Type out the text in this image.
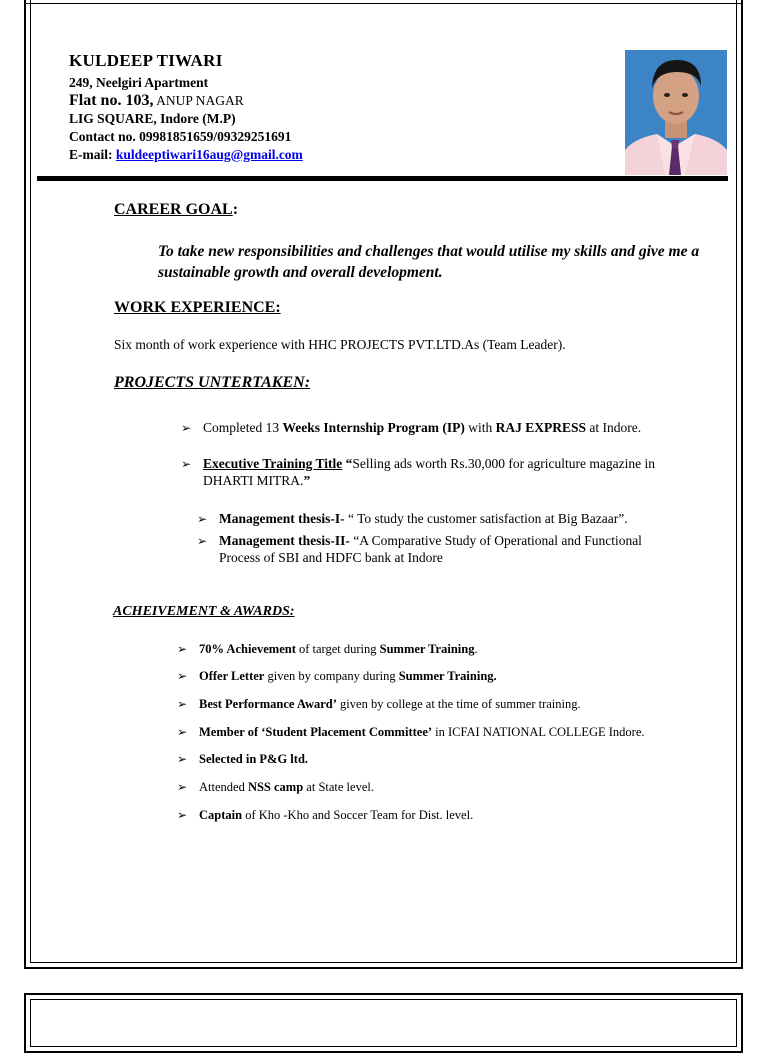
KULDEEP TIWARI
249, Neelgiri Apartment
Flat no. 103, ANUP NAGAR
LIG SQUARE, Indore (M.P)
Contact no. 09981851659/09329251691
E-mail: kuldeeptiwari16aug@gmail.com
CAREER GOAL:
To take new responsibilities and challenges that would utilise my skills and give me a sustainable growth and overall development.
WORK EXPERIENCE:
Six month of work experience with HHC PROJECTS PVT.LTD.As (Team Leader).
PROJECTS UNTERTAKEN:
➢ Completed 13 Weeks Internship Program (IP) with RAJ EXPRESS at Indore.
➢ Executive Training Title “Selling ads worth Rs.30,000 for agriculture magazine in
DHARTI MITRA.”
➢ Management thesis-I- “ To study the customer satisfaction at Big Bazaar”.
➢ Management thesis-II- “A Comparative Study of Operational and Functional
Process of SBI and HDFC bank at Indore
ACHEIVEMENT & AWARDS:
➢ 70% Achievement of target during Summer Training.
➢ Offer Letter given by company during Summer Training.
➢ Best Performance Award’ given by college at the time of summer training.
➢ Member of ‘Student Placement Committee’ in ICFAI NATIONAL COLLEGE Indore.
➢ Selected in P&G ltd.
➢ Attended NSS camp at State level.
➢ Captain of Kho -Kho and Soccer Team for Dist. level.
